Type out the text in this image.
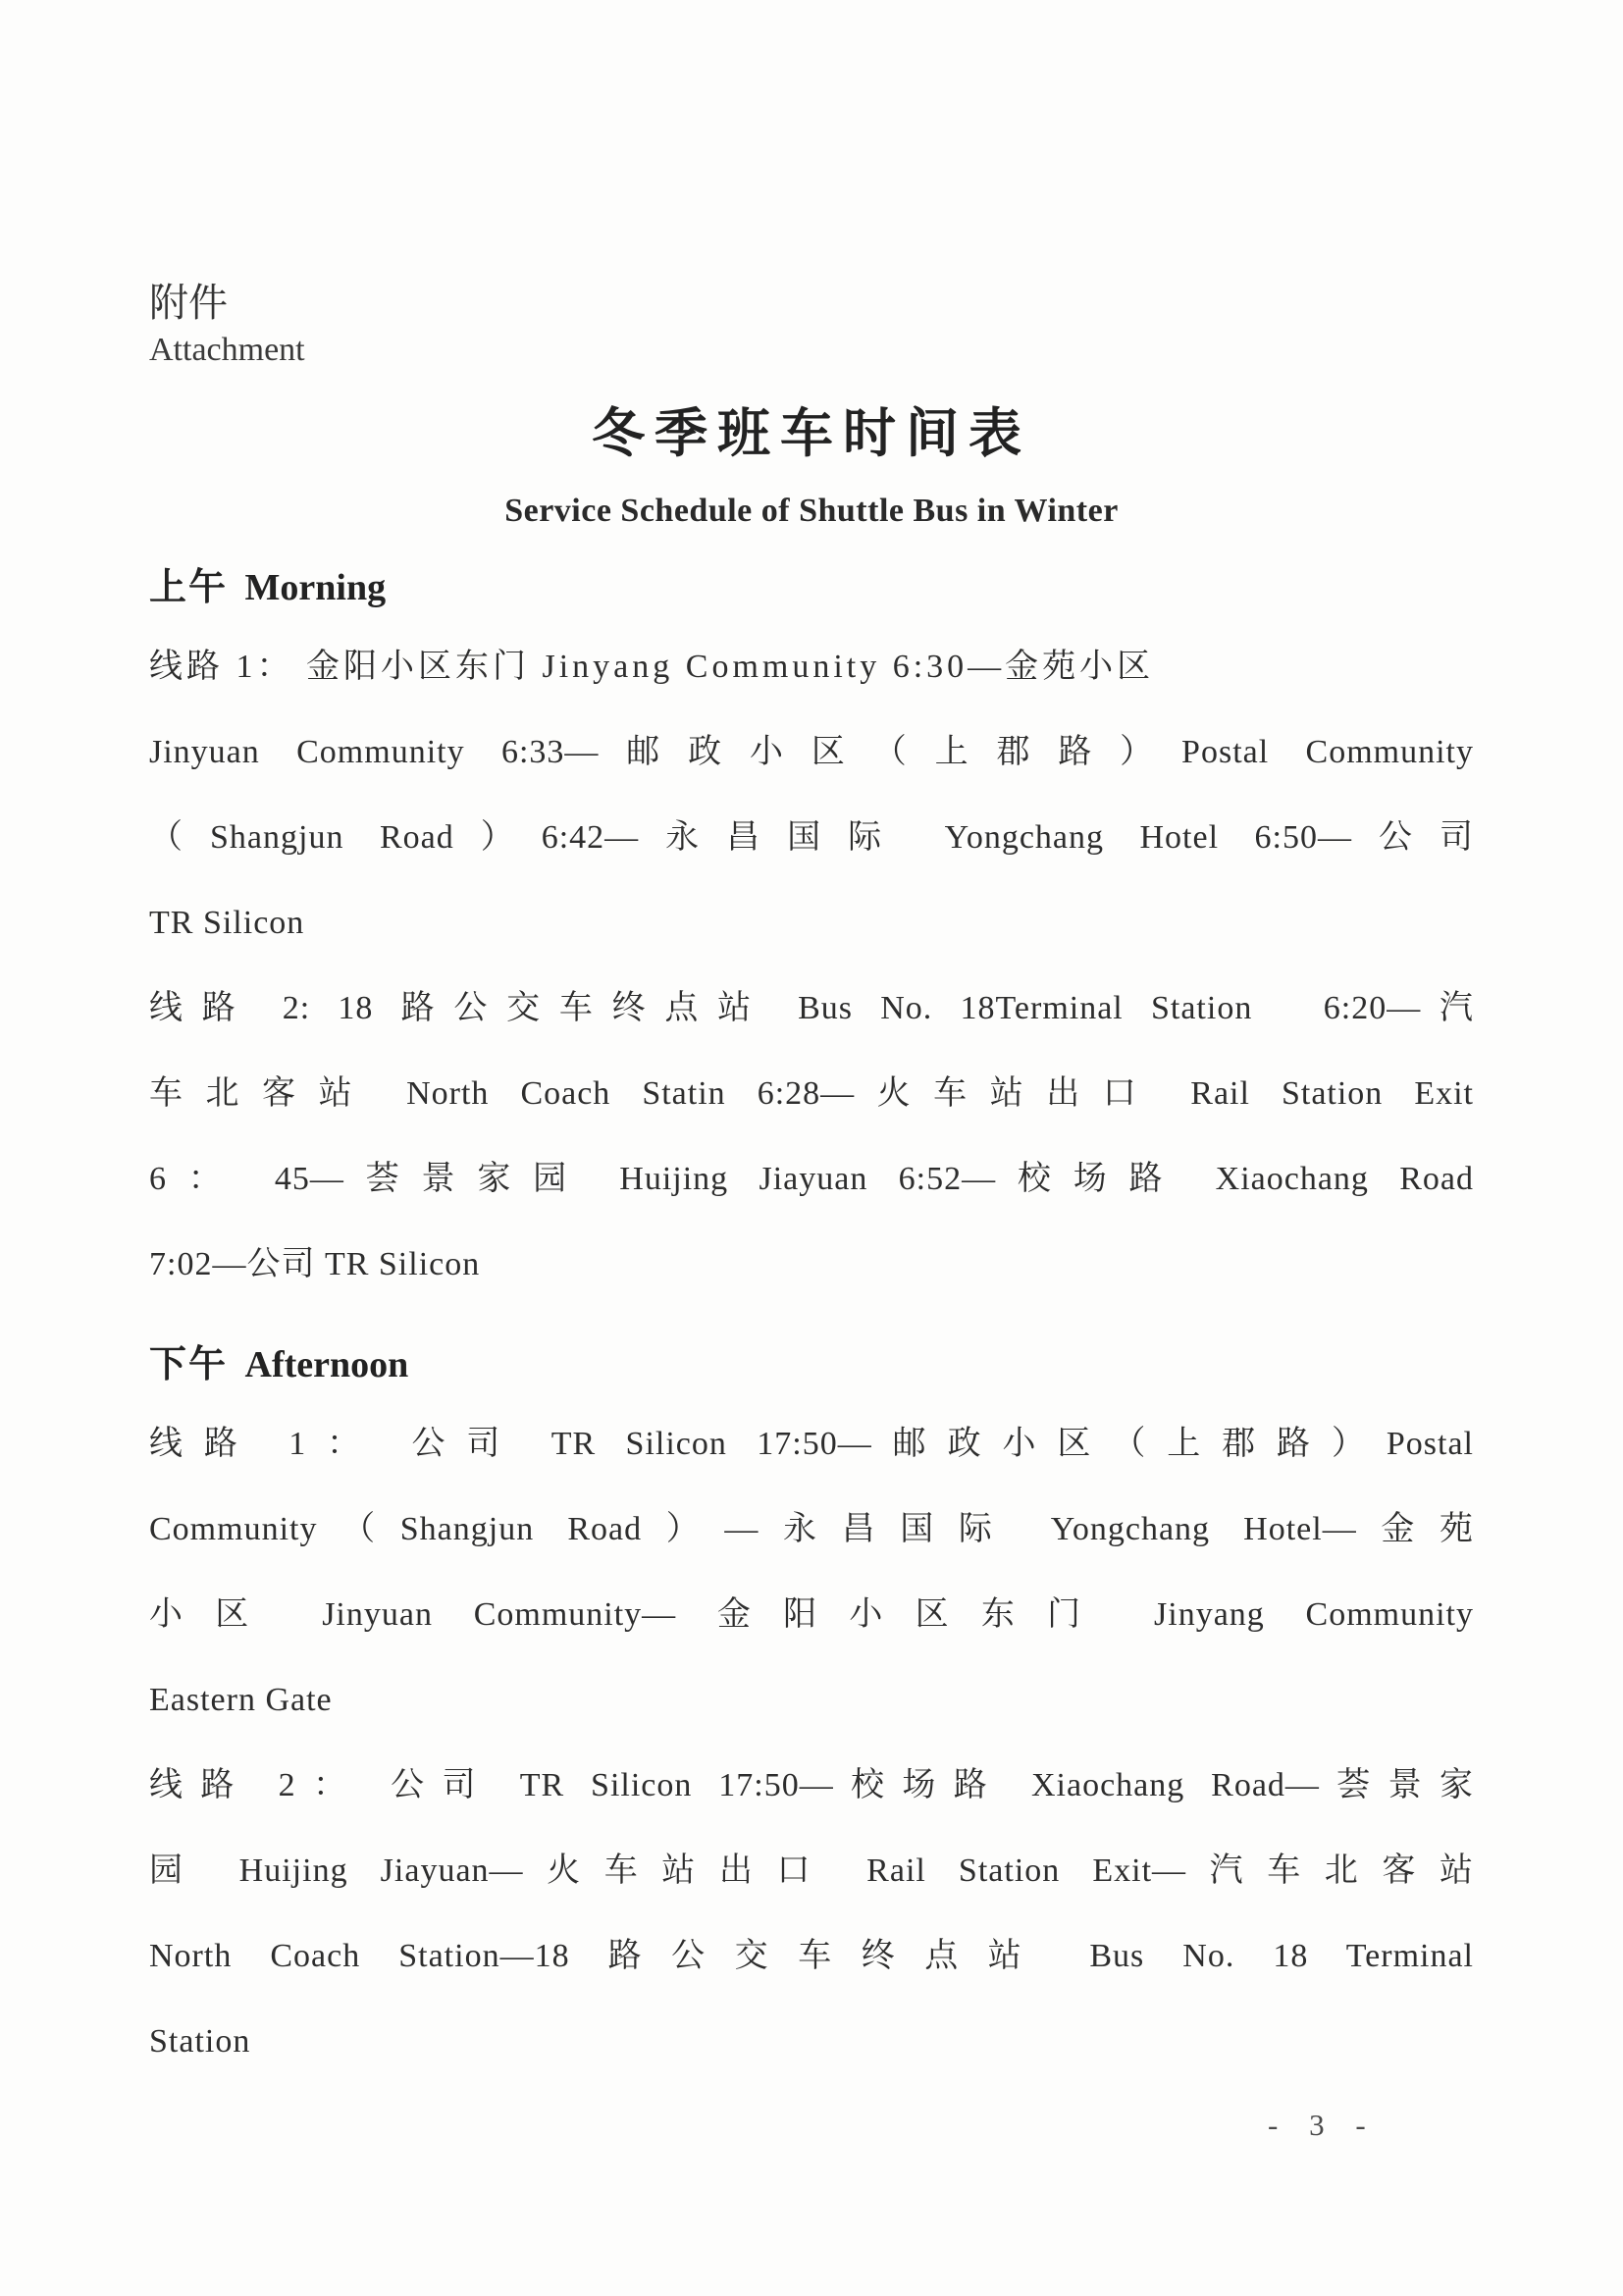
附件
Attachment
冬季班车时间表
Service Schedule of Shuttle Bus in Winter
上午 Morning
线路 1： 金阳小区东门 Jinyang Community 6:30—金苑小区
Jinyuan Community 6:33—邮政小区（上郡路）Postal Community
（Shangjun Road）6:42—永昌国际 Yongchang Hotel 6:50—公司
TR Silicon
线路 2: 18 路公交车终点站 Bus No. 18Terminal Station　6:20—汽
车北客站 North Coach Statin 6:28—火车站出口 Rail Station Exit
6： 45—荟景家园 Huijing Jiayuan 6:52—校场路 Xiaochang Road
7:02—公司 TR Silicon
下午 Afternoon
线路 1： 公司 TR Silicon 17:50—邮政小区（上郡路）Postal
Community（Shangjun Road）—永昌国际 Yongchang Hotel—金苑
小区 Jinyuan Community— 金阳小区东门 Jinyang Community
Eastern Gate
线路 2： 公司 TR Silicon 17:50—校场路 Xiaochang Road—荟景家
园 Huijing Jiayuan—火车站出口 Rail Station Exit—汽车北客站
North Coach Station—18 路公交车终点站 Bus No. 18 Terminal
Station
- 3 -
